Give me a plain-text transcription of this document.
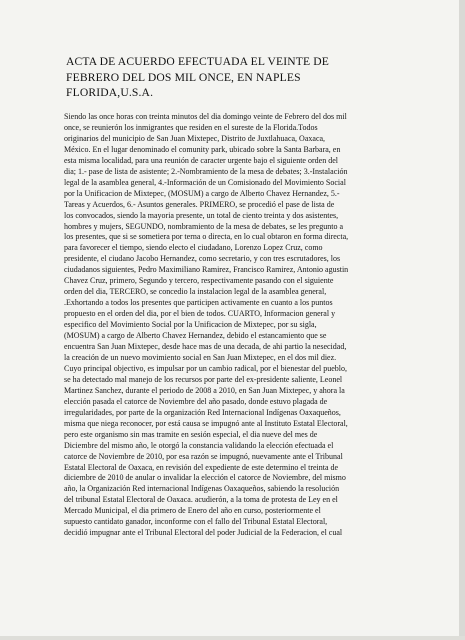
ACTA DE ACUERDO EFECTUADA EL VEINTE DE
FEBRERO DEL DOS MIL ONCE, EN NAPLES
FLORIDA,U.S.A.
Siendo las once horas con treinta minutos del dia domingo veinte de Febrero del dos mil
once, se reunierón los inmigrantes que residen en el sureste de la Florida.Todos
originarios del municipio de San Juan Mixtepec, Distrito de Juxtlahuaca, Oaxaca,
México. En el lugar denominado el comunity park, ubicado sobre la Santa Barbara, en
esta misma localidad, para una reunión de caracter urgente bajo el siguiente orden del
dia; 1.- pase de lista de asistente; 2.-Nombramiento de la mesa de debates; 3.-Instalación
legal de la asamblea general, 4.-Información de un Comisionado del Movimiento Social
por la Unificacion de Mixtepec, (MOSUM) a cargo de Alberto Chavez Hernandez, 5.-
Tareas y Acuerdos, 6.- Asuntos generales. PRIMERO, se procedió el pase de lista de
los convocados, siendo la mayoria presente, un total de ciento treinta y dos asistentes,
hombres y mujers, SEGUNDO, nombramiento de la mesa de debates, se les pregunto a
los presentes, que si se sometiera por terna o directa, en lo cual obtaron en forma directa,
para favorecer el tiempo, siendo electo el ciudadano, Lorenzo Lopez Cruz, como
presidente, el ciudano Jacobo Hernandez, como secretario, y con tres escrutadores, los
ciudadanos siguientes, Pedro Maximiliano Ramirez, Francisco Ramirez, Antonio agustin
Chavez Cruz, primero, Segundo y tercero, respectivamente pasando con el siguiente
orden del dia, TERCERO, se concedio la instalacion legal de la asamblea general,
.Exhortando a todos los presentes que participen activamente en cuanto a los puntos
propuesto en el orden del dia, por el bien de todos. CUARTO, Informacion general y
especifico del Movimiento Social por la Unificacion de Mixtepec, por su sigla,
(MOSUM) a cargo de Alberto Chavez Hernandez, debido el estancamiento que se
encuentra San Juan Mixtepec, desde hace mas de una decada, de ahi partio la nesecidad,
la creación de un nuevo movimiento social en San Juan Mixtepec, en el dos mil diez.
Cuyo principal objectivo, es impulsar por un cambio radical, por el bienestar del pueblo,
se ha detectado mal manejo de los recursos por parte del ex-presidente saliente, Leonel
Martinez Sanchez, durante el periodo de 2008 a 2010, en San Juan Mixtepec, y ahora la
elección pasada el catorce de Noviembre del año pasado, donde estuvo plagada de
irregularidades, por parte de la organización Red Internacional Indígenas Oaxaqueños,
misma que niega reconocer, por está causa se impugnó ante al Instituto Estatal Electoral,
pero este organismo sin mas tramite en sesión especial, el dia nueve del mes de
Diciembre del mismo año, le otorgó la constancia validando la elección efectuada el
catorce de Noviembre de 2010, por esa razón se impugnó, nuevamente ante el Tribunal
Estatal Electoral de Oaxaca, en revisión del expediente de este determino el treinta de
diciembre de 2010 de anular o invalidar la elección el catorce de Noviembre, del mismo
año, la Organización Red internacional Indígenas Oaxaqueños, sabiendo la resolución
del tribunal Estatal Electoral de Oaxaca. acudierón, a la toma de protesta de Ley en el
Mercado Municipal, el dia primero de Enero del año en curso, posteriormente el
supuesto cantidato ganador, inconforme con el fallo del Tribunal Estatal Electoral,
decidió impugnar ante el Tribunal Electoral del poder Judicial de la Federacion, el cual
